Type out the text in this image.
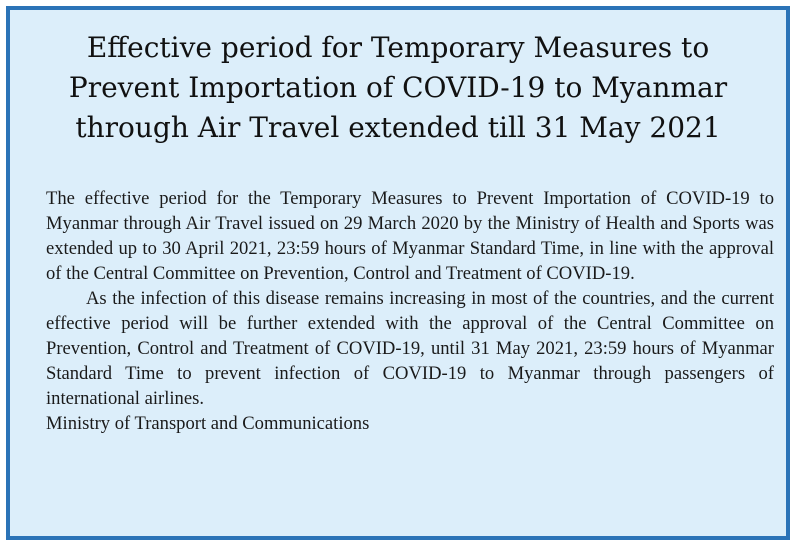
Effective period for Temporary Measures to Prevent Importation of COVID-19 to Myanmar through Air Travel extended till 31 May 2021

The effective period for the Temporary Measures to Prevent Importation of COVID-19 to Myanmar through Air Travel issued on 29 March 2020 by the Ministry of Health and Sports was extended up to 30 April 2021, 23:59 hours of Myanmar Standard Time, in line with the approval of the Central Committee on Prevention, Control and Treatment of COVID-19.

As the infection of this disease remains increasing in most of the countries, and the current effective period will be further extended with the approval of the Central Committee on Prevention, Control and Treatment of COVID-19, until 31 May 2021, 23:59 hours of Myanmar Standard Time to prevent infection of COVID-19 to Myanmar through passengers of international airlines.

Ministry of Transport and Communications
